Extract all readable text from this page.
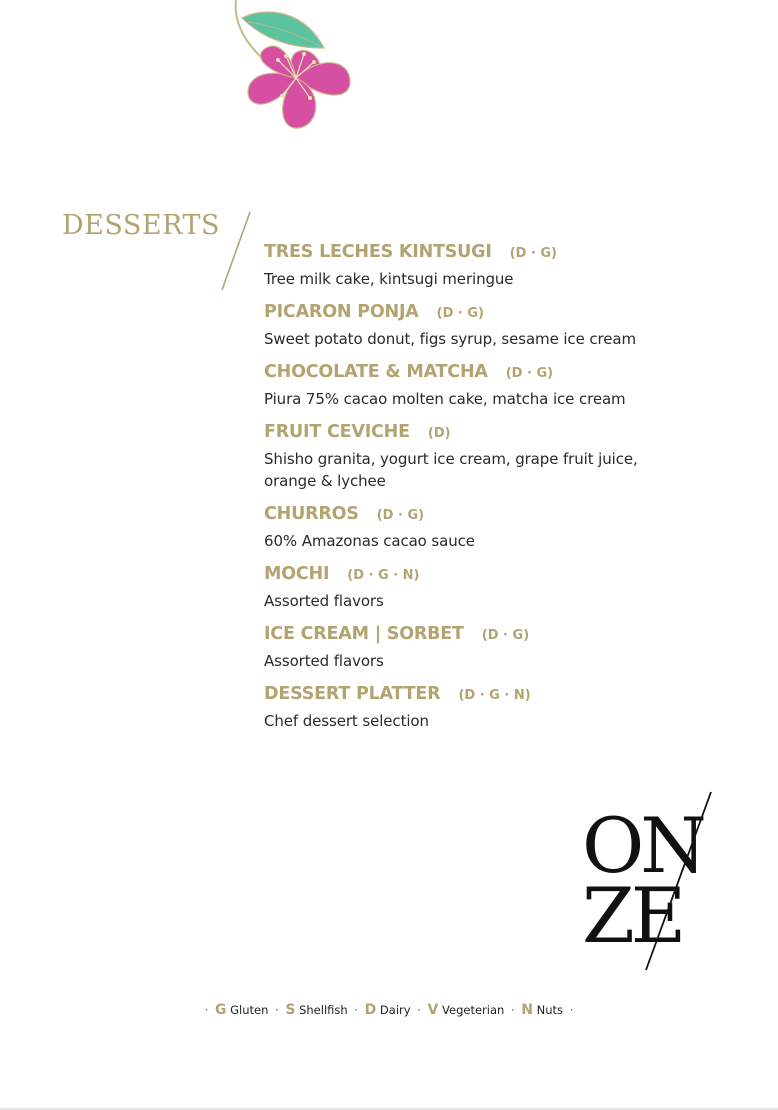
DESSERTS
TRES LECHES KINTSUGI (D · G)
Tree milk cake, kintsugi meringue
PICARON PONJA (D · G)
Sweet potato donut, figs syrup, sesame ice cream
CHOCOLATE & MATCHA (D · G)
Piura 75% cacao molten cake, matcha ice cream
FRUIT CEVICHE (D)
Shisho granita, yogurt ice cream, grape fruit juice, orange & lychee
CHURROS (D · G)
60% Amazonas cacao sauce
MOCHI (D · G · N)
Assorted flavors
ICE CREAM | SORBET (D · G)
Assorted flavors
DESSERT PLATTER (D · G · N)
Chef dessert selection
ON
ZE
· G Gluten · S Shellfish · D Dairy · V Vegeterian · N Nuts ·
